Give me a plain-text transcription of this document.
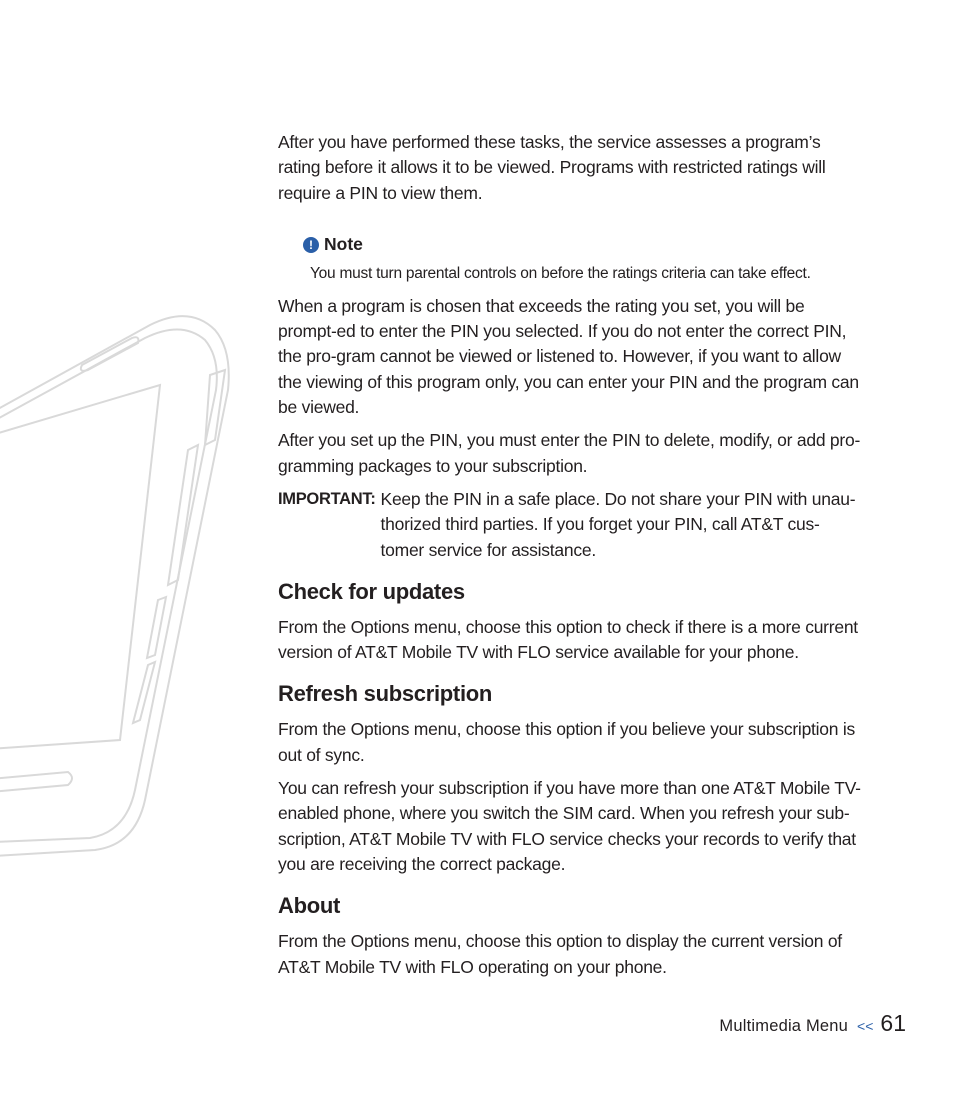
After you have performed these tasks, the service assesses a program’s rating before it allows it to be viewed. Programs with restricted ratings will require a PIN to view them.

! Note

You must turn parental controls on before the ratings criteria can take effect.

When a program is chosen that exceeds the rating you set, you will be prompt-ed to enter the PIN you selected. If you do not enter the correct PIN, the pro-gram cannot be viewed or listened to. However, if you want to allow the viewing of this program only, you can enter your PIN and the program can be viewed.

After you set up the PIN, you must enter the PIN to delete, modify, or add pro-gramming packages to your subscription.

IMPORTANT: Keep the PIN in a safe place. Do not share your PIN with unau-thorized third parties. If you forget your PIN, call AT&T cus-tomer service for assistance.

Check for updates

From the Options menu, choose this option to check if there is a more current version of AT&T Mobile TV with FLO service available for your phone.

Refresh subscription

From the Options menu, choose this option if you believe your subscription is out of sync.

You can refresh your subscription if you have more than one AT&T Mobile TV-enabled phone, where you switch the SIM card. When you refresh your sub-scription, AT&T Mobile TV with FLO service checks your records to verify that you are receiving the correct package.

About

From the Options menu, choose this option to display the current version of AT&T Mobile TV with FLO operating on your phone.

Multimedia Menu << 61
